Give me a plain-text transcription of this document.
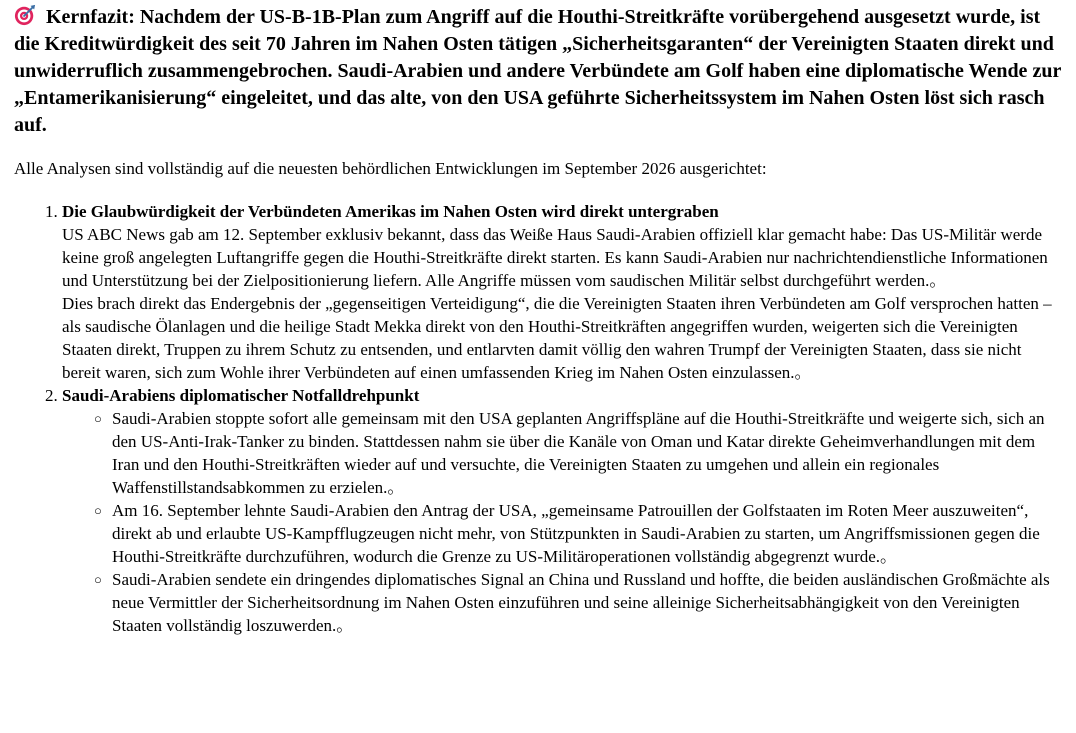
Kernfazit: Nachdem der US-B-1B-Plan zum Angriff auf die Houthi-Streitkräfte vorübergehend ausgesetzt wurde, ist die Kreditwürdigkeit des seit 70 Jahren im Nahen Osten tätigen „Sicherheitsgaranten“ der Vereinigten Staaten direkt und unwiderruflich zusammengebrochen. Saudi-Arabien und andere Verbündete am Golf haben eine diplomatische Wende zur „Entamerikanisierung“ eingeleitet, und das alte, von den USA geführte Sicherheitssystem im Nahen Osten löst sich rasch auf.

Alle Analysen sind vollständig auf die neuesten behördlichen Entwicklungen im September 2026 ausgerichtet:

1. Die Glaubwürdigkeit der Verbündeten Amerikas im Nahen Osten wird direkt untergraben
US ABC News gab am 12. September exklusiv bekannt, dass das Weiße Haus Saudi-Arabien offiziell klar gemacht habe: Das US-Militär werde keine groß angelegten Luftangriffe gegen die Houthi-Streitkräfte direkt starten. Es kann Saudi-Arabien nur nachrichtendienstliche Informationen und Unterstützung bei der Zielpositionierung liefern. Alle Angriffe müssen vom saudischen Militär selbst durchgeführt werden.。
Dies brach direkt das Endergebnis der „gegenseitigen Verteidigung“, die die Vereinigten Staaten ihren Verbündeten am Golf versprochen hatten – als saudische Ölanlagen und die heilige Stadt Mekka direkt von den Houthi-Streitkräften angegriffen wurden, weigerten sich die Vereinigten Staaten direkt, Truppen zu ihrem Schutz zu entsenden, und entlarvten damit völlig den wahren Trumpf der Vereinigten Staaten, dass sie nicht bereit waren, sich zum Wohle ihrer Verbündeten auf einen umfassenden Krieg im Nahen Osten einzulassen.。
2. Saudi-Arabiens diplomatischer Notfalldrehpunkt
○ Saudi-Arabien stoppte sofort alle gemeinsam mit den USA geplanten Angriffspläne auf die Houthi-Streitkräfte und weigerte sich, sich an den US-Anti-Irak-Tanker zu binden. Stattdessen nahm sie über die Kanäle von Oman und Katar direkte Geheimverhandlungen mit dem Iran und den Houthi-Streitkräften wieder auf und versuchte, die Vereinigten Staaten zu umgehen und allein ein regionales Waffenstillstandsabkommen zu erzielen.。
○ Am 16. September lehnte Saudi-Arabien den Antrag der USA, „gemeinsame Patrouillen der Golfstaaten im Roten Meer auszuweiten“, direkt ab und erlaubte US-Kampfflugzeugen nicht mehr, von Stützpunkten in Saudi-Arabien zu starten, um Angriffsmissionen gegen die Houthi-Streitkräfte durchzuführen, wodurch die Grenze zu US-Militäroperationen vollständig abgegrenzt wurde.。
○ Saudi-Arabien sendete ein dringendes diplomatisches Signal an China und Russland und hoffte, die beiden ausländischen Großmächte als neue Vermittler der Sicherheitsordnung im Nahen Osten einzuführen und seine alleinige Sicherheitsabhängigkeit von den Vereinigten Staaten vollständig loszuwerden.。
